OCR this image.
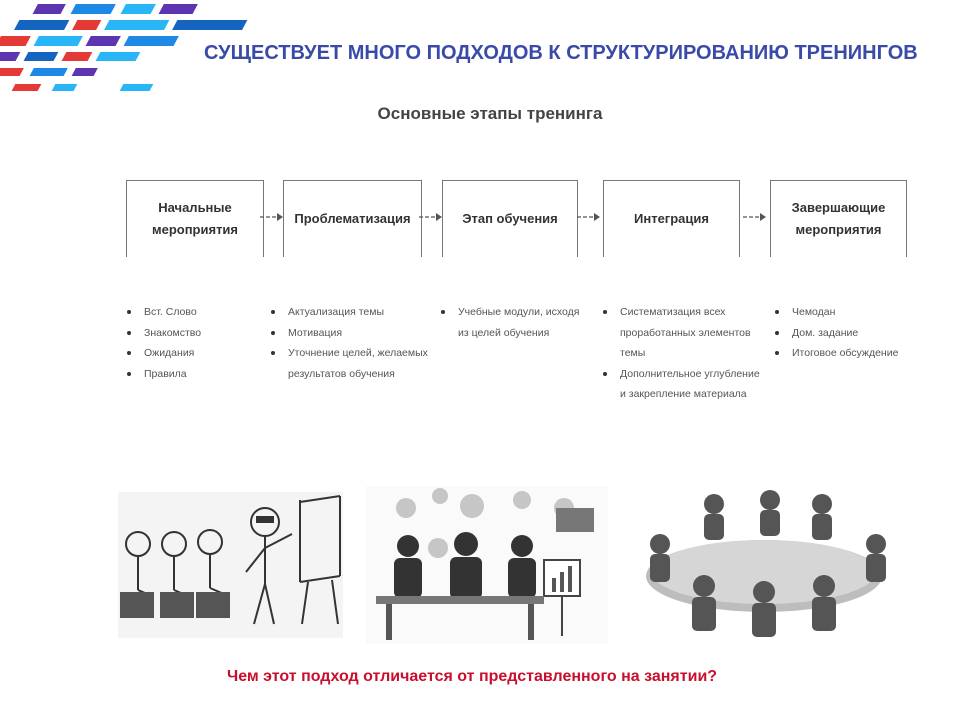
СУЩЕСТВУЕТ МНОГО ПОДХОДОВ К СТРУКТУРИРОВАНИЮ ТРЕНИНГОВ
Основные этапы тренинга
Начальные
мероприятия
Проблематизация	Этап обучения	Интеграция
Завершающие
мероприятия
Вст. Слово
Знакомство
Ожидания
Правила
Актуализация темы
Мотивация
Уточнение целей, желаемых результатов обучения
Учебные модули, исходя из целей обучения
Систематизация всех проработанных элементов темы
Дополнительное углубление и закрепление материала
Чемодан
Дом. задание
Итоговое обсуждение
Чем этот подход отличается от представленного на занятии?
